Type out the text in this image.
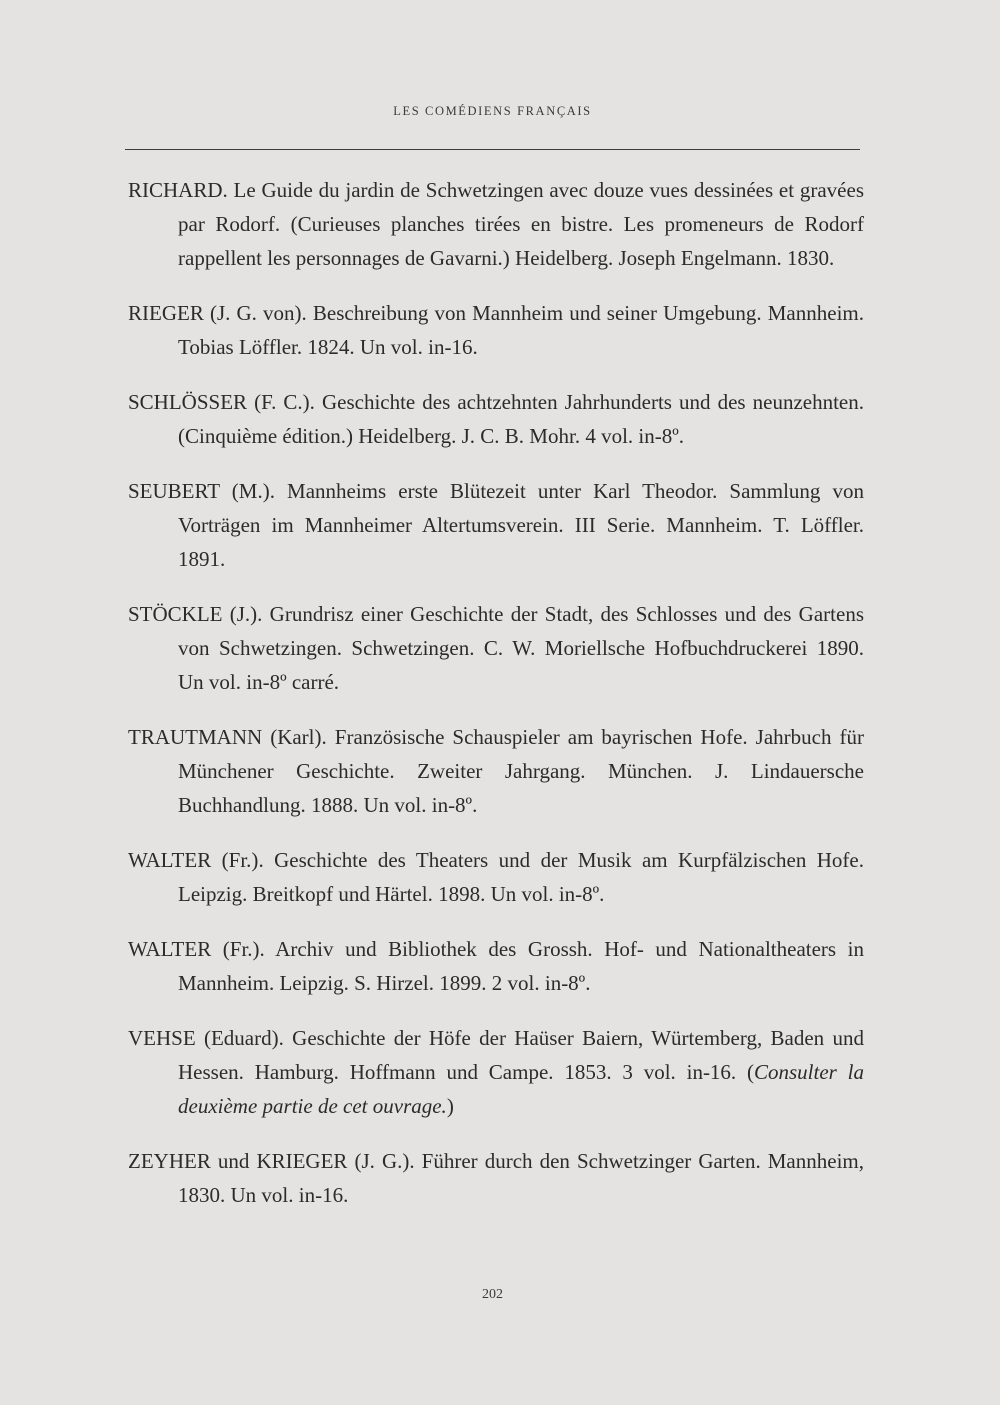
LES COMÉDIENS FRANÇAIS

RICHARD. Le Guide du jardin de Schwetzingen avec douze vues dessinées et gravées par Rodorf. (Curieuses planches tirées en bistre. Les promeneurs de Rodorf rappellent les personnages de Gavarni.) Heidelberg. Joseph Engelmann. 1830.

RIEGER (J. G. von). Beschreibung von Mannheim und seiner Umgebung. Mannheim. Tobias Löffler. 1824. Un vol. in-16.

SCHLÖSSER (F. C.). Geschichte des achtzehnten Jahrhunderts und des neunzehnten. (Cinquième édition.) Heidelberg. J. C. B. Mohr. 4 vol. in-8º.

SEUBERT (M.). Mannheims erste Blütezeit unter Karl Theodor. Sammlung von Vorträgen im Mannheimer Altertumsverein. III Serie. Mannheim. T. Löffler. 1891.

STÖCKLE (J.). Grundrisz einer Geschichte der Stadt, des Schlosses und des Gartens von Schwetzingen. Schwetzingen. C. W. Moriellsche Hofbuchdruckerei 1890. Un vol. in-8º carré.

TRAUTMANN (Karl). Französische Schauspieler am bayrischen Hofe. Jahrbuch für Münchener Geschichte. Zweiter Jahrgang. München. J. Lindauersche Buchhandlung. 1888. Un vol. in-8º.

WALTER (Fr.). Geschichte des Theaters und der Musik am Kurpfälzischen Hofe. Leipzig. Breitkopf und Härtel. 1898. Un vol. in-8º.

WALTER (Fr.). Archiv und Bibliothek des Grossh. Hof- und Nationaltheaters in Mannheim. Leipzig. S. Hirzel. 1899. 2 vol. in-8º.

VEHSE (Eduard). Geschichte der Höfe der Haüser Baiern, Würtemberg, Baden und Hessen. Hamburg. Hoffmann und Campe. 1853. 3 vol. in-16. (Consulter la deuxième partie de cet ouvrage.)

ZEYHER und KRIEGER (J. G.). Führer durch den Schwetzinger Garten. Mannheim, 1830. Un vol. in-16.

202
